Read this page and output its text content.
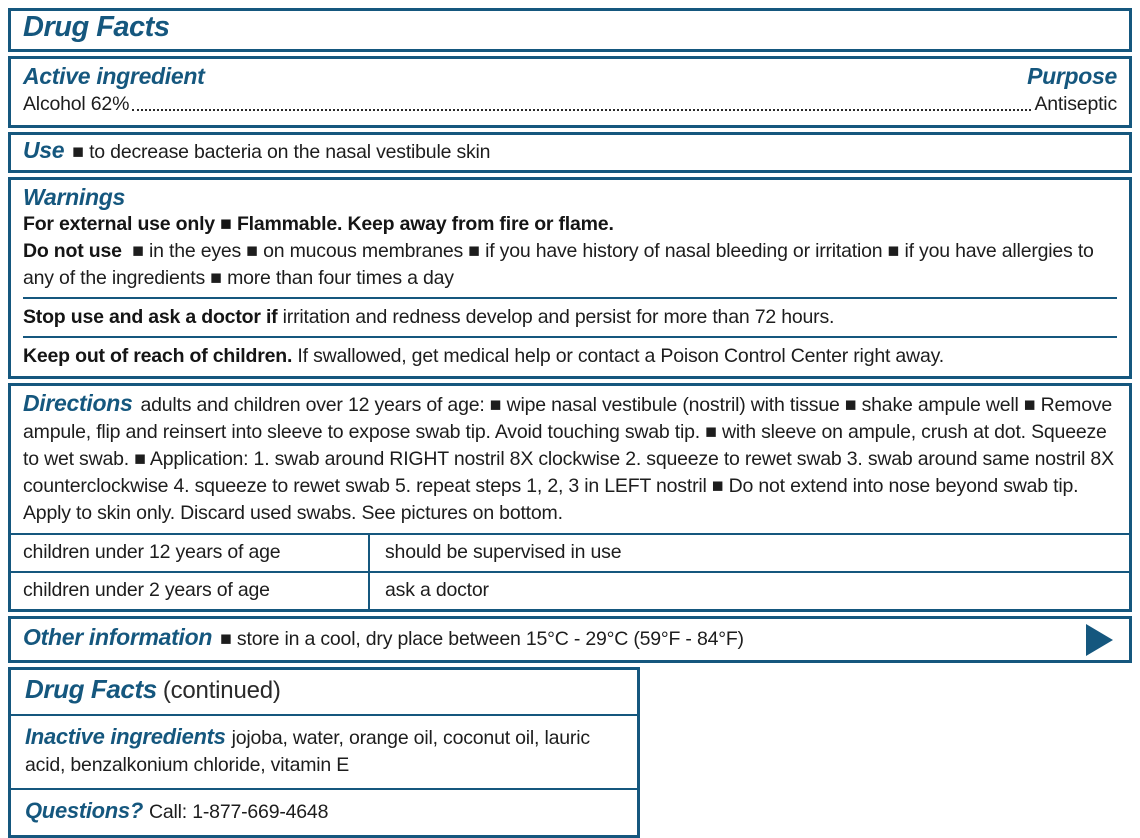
Drug Facts
Active ingredient	Purpose
Alcohol 62%	Antiseptic
Use ■ to decrease bacteria on the nasal vestibule skin
Warnings
For external use only ■ Flammable. Keep away from fire or flame.
Do not use ■ in the eyes ■ on mucous membranes ■ if you have history of nasal bleeding or irritation ■ if you have allergies to any of the ingredients ■ more than four times a day
Stop use and ask a doctor if irritation and redness develop and persist for more than 72 hours.
Keep out of reach of children. If swallowed, get medical help or contact a Poison Control Center right away.

Directions adults and children over 12 years of age: ■ wipe nasal vestibule (nostril) with tissue ■ shake ampule well ■ Remove ampule, flip and reinsert into sleeve to expose swab tip. Avoid touching swab tip. ■ with sleeve on ampule, crush at dot. Squeeze to wet swab. ■ Application: 1. swab around RIGHT nostril 8X clockwise 2. squeeze to rewet swab 3. swab around same nostril 8X counterclockwise 4. squeeze to rewet swab 5. repeat steps 1, 2, 3 in LEFT nostril ■ Do not extend into nose beyond swab tip. Apply to skin only. Discard used swabs. See pictures on bottom.

children under 12 years of age	should be supervised in use
children under 2 years of age	ask a doctor
Other information ■ store in a cool, dry place between 15°C - 29°C (59°F - 84°F)
Drug Facts (continued)
Inactive ingredients jojoba, water, orange oil, coconut oil, lauric acid, benzalkonium chloride, vitamin E
Questions? Call: 1-877-669-4648
